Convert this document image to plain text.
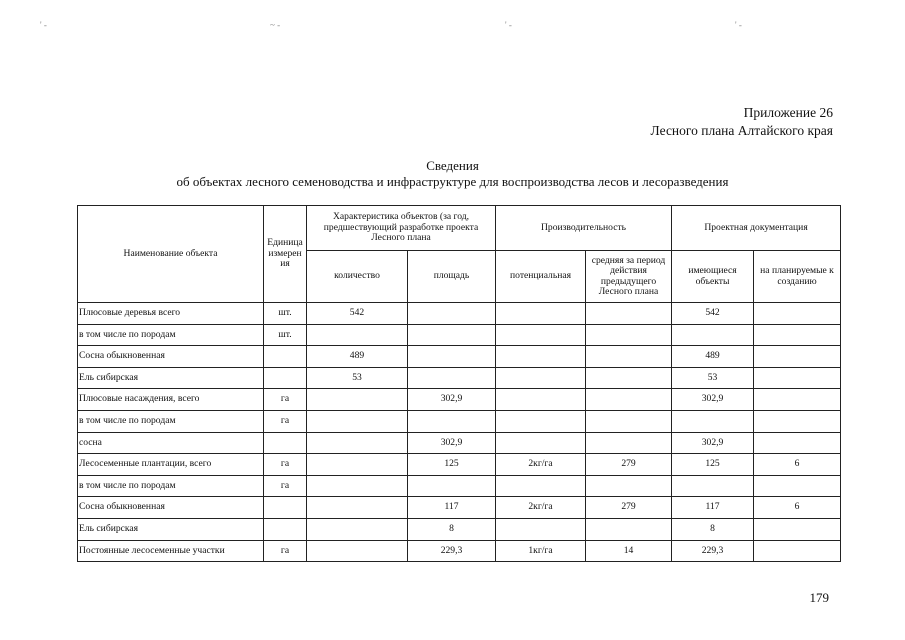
' -	~ -	' -	' -
Приложение 26
Лесного плана Алтайского края
Сведения
об объектах лесного семеноводства и инфраструктуре для воспроизводства лесов и лесоразведения
Наименование объекта	Единица измерен ия	Характеристика объектов (за год, предшествующий разработке проекта Лесного плана		Производительность		Проектная документация	
		количество	площадь	потенциальная	средняя за период действия предыдущего Лесного плана	имеющиеся объекты	на планируемые к созданию
Плюсовые деревья всего	шт.	542				542	
в том числе по породам	шт.						
Сосна обыкновенная		489				489	
Ель сибирская		53				53	
Плюсовые насаждения, всего	га		302,9			302,9	
в том числе по породам	га						
сосна			302,9			302,9	
Лесосеменные плантации, всего	га		125	2кг/га	279	125	6
в том числе по породам	га						
Сосна обыкновенная			117	2кг/га	279	117	6
Ель сибирская			8			8	
Постоянные лесосеменные участки	га		229,3	1кг/га	14	229,3	
179
